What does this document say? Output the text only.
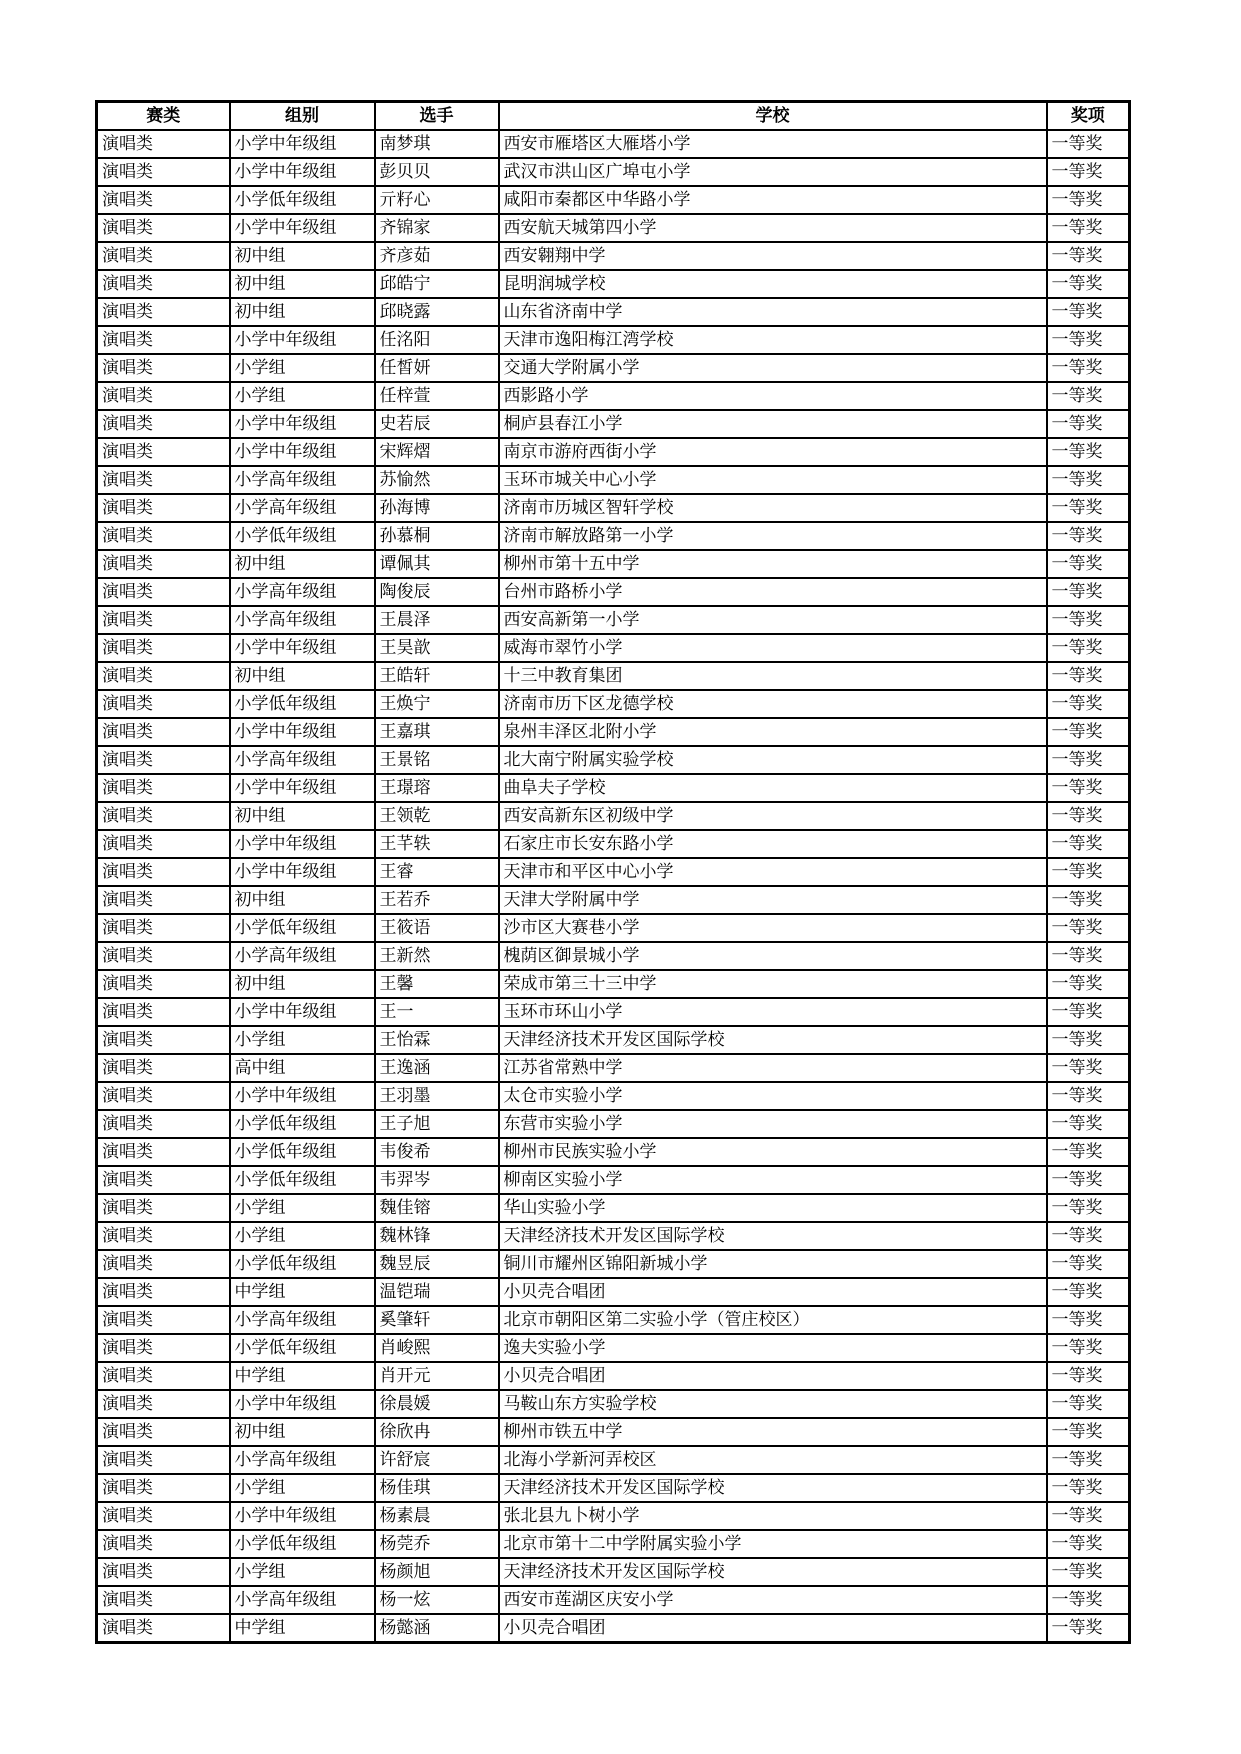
赛类	组别	选手	学校	奖项
演唱类	小学中年级组	南梦琪	西安市雁塔区大雁塔小学	一等奖
演唱类	小学中年级组	彭贝贝	武汉市洪山区广埠屯小学	一等奖
演唱类	小学低年级组	亓籽心	咸阳市秦都区中华路小学	一等奖
演唱类	小学中年级组	齐锦家	西安航天城第四小学	一等奖
演唱类	初中组	齐彦茹	西安翱翔中学	一等奖
演唱类	初中组	邱皓宁	昆明润城学校	一等奖
演唱类	初中组	邱晓露	山东省济南中学	一等奖
演唱类	小学中年级组	任洺阳	天津市逸阳梅江湾学校	一等奖
演唱类	小学组	任皙妍	交通大学附属小学	一等奖
演唱类	小学组	任梓萱	西影路小学	一等奖
演唱类	小学中年级组	史若辰	桐庐县春江小学	一等奖
演唱类	小学中年级组	宋辉熠	南京市游府西街小学	一等奖
演唱类	小学高年级组	苏愉然	玉环市城关中心小学	一等奖
演唱类	小学高年级组	孙海博	济南市历城区智轩学校	一等奖
演唱类	小学低年级组	孙慕桐	济南市解放路第一小学	一等奖
演唱类	初中组	谭佩其	柳州市第十五中学	一等奖
演唱类	小学高年级组	陶俊辰	台州市路桥小学	一等奖
演唱类	小学高年级组	王晨泽	西安高新第一小学	一等奖
演唱类	小学中年级组	王昊歆	威海市翠竹小学	一等奖
演唱类	初中组	王皓轩	十三中教育集团	一等奖
演唱类	小学低年级组	王焕宁	济南市历下区龙德学校	一等奖
演唱类	小学中年级组	王嘉琪	泉州丰泽区北附小学	一等奖
演唱类	小学高年级组	王景铭	北大南宁附属实验学校	一等奖
演唱类	小学中年级组	王璟瑢	曲阜夫子学校	一等奖
演唱类	初中组	王领乾	西安高新东区初级中学	一等奖
演唱类	小学中年级组	王芊轶	石家庄市长安东路小学	一等奖
演唱类	小学中年级组	王睿	天津市和平区中心小学	一等奖
演唱类	初中组	王若乔	天津大学附属中学	一等奖
演唱类	小学低年级组	王筱语	沙市区大赛巷小学	一等奖
演唱类	小学高年级组	王新然	槐荫区御景城小学	一等奖
演唱类	初中组	王馨	荣成市第三十三中学	一等奖
演唱类	小学中年级组	王一	玉环市环山小学	一等奖
演唱类	小学组	王怡霖	天津经济技术开发区国际学校	一等奖
演唱类	高中组	王逸涵	江苏省常熟中学	一等奖
演唱类	小学中年级组	王羽墨	太仓市实验小学	一等奖
演唱类	小学低年级组	王子旭	东营市实验小学	一等奖
演唱类	小学低年级组	韦俊希	柳州市民族实验小学	一等奖
演唱类	小学低年级组	韦羿岑	柳南区实验小学	一等奖
演唱类	小学组	魏佳镕	华山实验小学	一等奖
演唱类	小学组	魏林锋	天津经济技术开发区国际学校	一等奖
演唱类	小学低年级组	魏昱辰	铜川市耀州区锦阳新城小学	一等奖
演唱类	中学组	温铠瑞	小贝壳合唱团	一等奖
演唱类	小学高年级组	奚肇轩	北京市朝阳区第二实验小学（管庄校区）	一等奖
演唱类	小学低年级组	肖峻熙	逸夫实验小学	一等奖
演唱类	中学组	肖开元	小贝壳合唱团	一等奖
演唱类	小学中年级组	徐晨媛	马鞍山东方实验学校	一等奖
演唱类	初中组	徐欣冉	柳州市铁五中学	一等奖
演唱类	小学高年级组	许舒宸	北海小学新河弄校区	一等奖
演唱类	小学组	杨佳琪	天津经济技术开发区国际学校	一等奖
演唱类	小学中年级组	杨素晨	张北县九卜树小学	一等奖
演唱类	小学低年级组	杨莞乔	北京市第十二中学附属实验小学	一等奖
演唱类	小学组	杨颜旭	天津经济技术开发区国际学校	一等奖
演唱类	小学高年级组	杨一炫	西安市莲湖区庆安小学	一等奖
演唱类	中学组	杨懿涵	小贝壳合唱团	一等奖
